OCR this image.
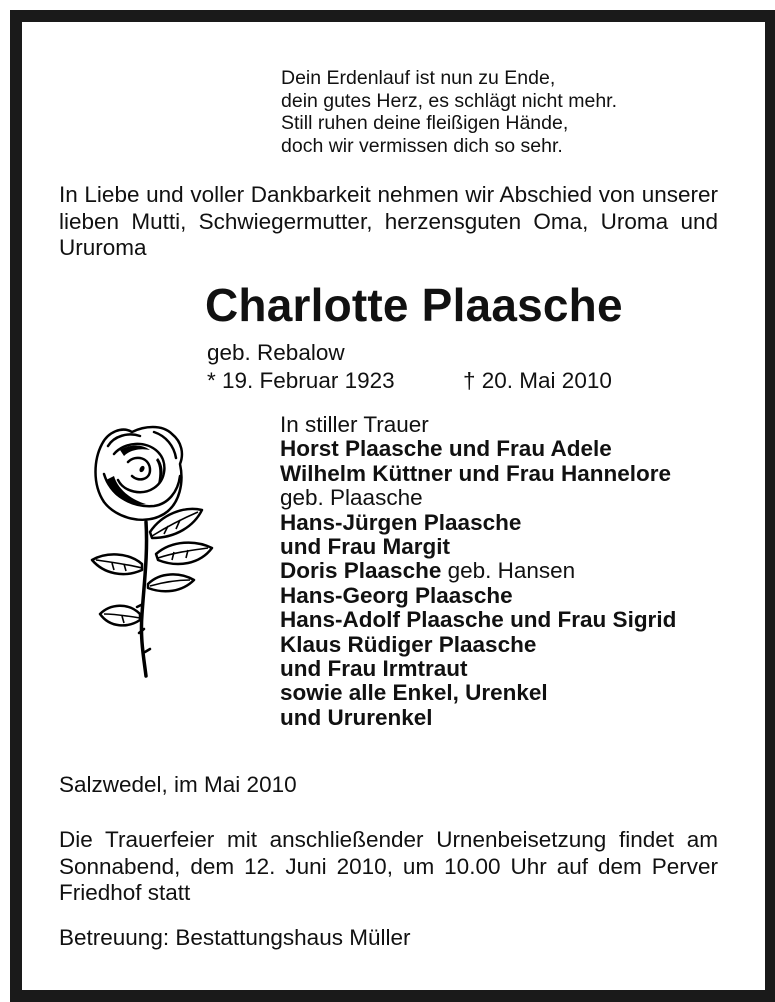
Dein Erdenlauf ist nun zu Ende,
dein gutes Herz, es schlägt nicht mehr.
Still ruhen deine fleißigen Hände,
doch wir vermissen dich so sehr.
In Liebe und voller Dankbarkeit nehmen wir Abschied von unserer lieben Mutti, Schwiegermutter, herzensguten Oma, Uroma und Ururoma
Charlotte Plaasche
geb. Rebalow
* 19. Februar 1923	† 20. Mai 2010
In stiller Trauer
Horst Plaasche und Frau Adele
Wilhelm Küttner und Frau Hannelore
geb. Plaasche
Hans-Jürgen Plaasche
und Frau Margit
Doris Plaasche geb. Hansen
Hans-Georg Plaasche
Hans-Adolf Plaasche und Frau Sigrid
Klaus Rüdiger Plaasche
und Frau Irmtraut
sowie alle Enkel, Urenkel
und Ururenkel
Salzwedel, im Mai 2010
Die Trauerfeier mit anschließender Urnenbeisetzung findet am Sonnabend, dem 12. Juni 2010, um 10.00 Uhr auf dem Perver Friedhof statt
Betreuung: Bestattungshaus Müller
